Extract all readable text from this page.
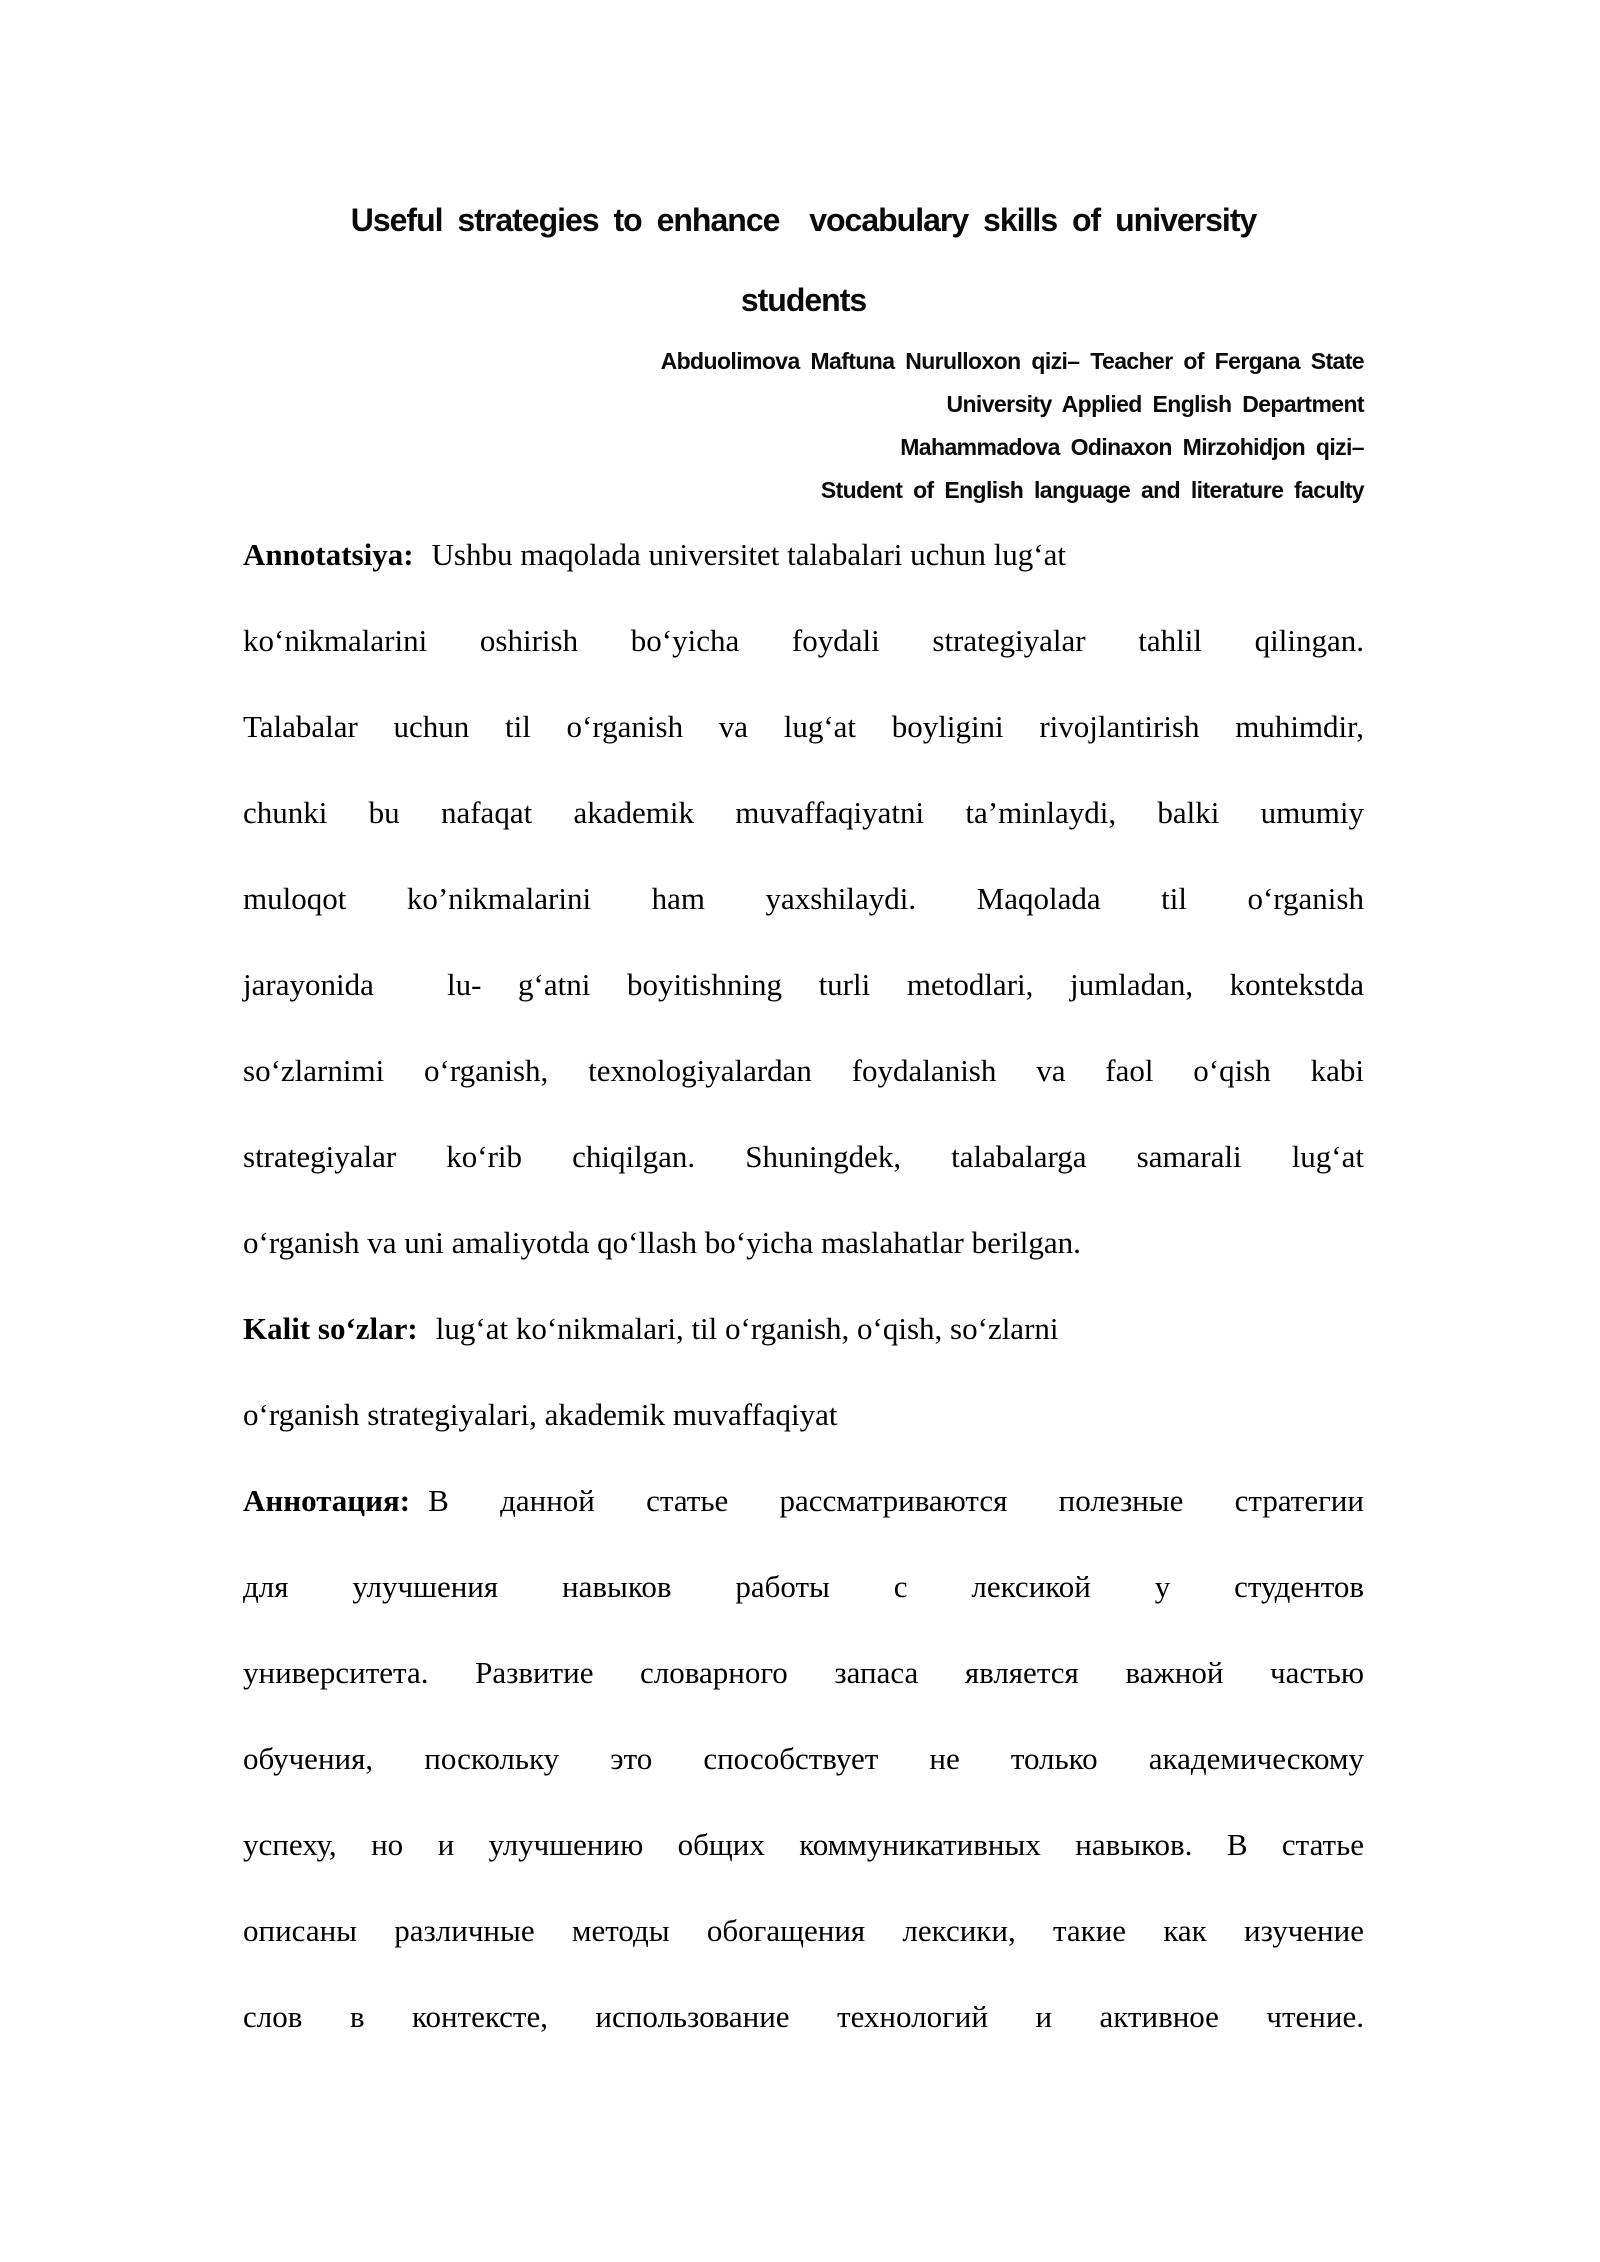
Useful strategies to enhance  vocabulary skills of university
students
Abduolimova Maftuna Nurulloxon qizi– Teacher of Fergana State
University Applied English Department
Mahammadova Odinaxon Mirzohidjon qizi–
Student of English language and literature faculty
Annotatsiya: Ushbu maqolada universitet talabalari uchun lug‘at
ko‘nikmalarini oshirish bo‘yicha foydali strategiyalar tahlil qilingan.
Talabalar uchun til o‘rganish va lug‘at boyligini rivojlantirish muhimdir,
chunki bu nafaqat akademik muvaffaqiyatni ta’minlaydi, balki umumiy
muloqot ko’nikmalarini ham yaxshilaydi. Maqolada til o‘rganish
jarayonida  lu- g‘atni boyitishning turli metodlari, jumladan, kontekstda
so‘zlarnimi o‘rganish, texnologiyalardan foydalanish va faol o‘qish kabi
strategiyalar ko‘rib chiqilgan. Shuningdek, talabalarga samarali lug‘at
o‘rganish va uni amaliyotda qo‘llash bo‘yicha maslahatlar berilgan.
Kalit so‘zlar: lug‘at ko‘nikmalari, til o‘rganish, o‘qish, so‘zlarni
o‘rganish strategiyalari, akademik muvaffaqiyat
Аннотация: В данной статье рассматриваются полезные стратегии
для улучшения навыков работы с лексикой у студентов
университета. Развитие словарного запаса является важной частью
обучения, поскольку это способствует не только академическому
успеху, но и улучшению общих коммуникативных навыков. В статье
описаны различные методы обогащения лексики, такие как изучение
слов в контексте, использование технологий и активное чтение.
